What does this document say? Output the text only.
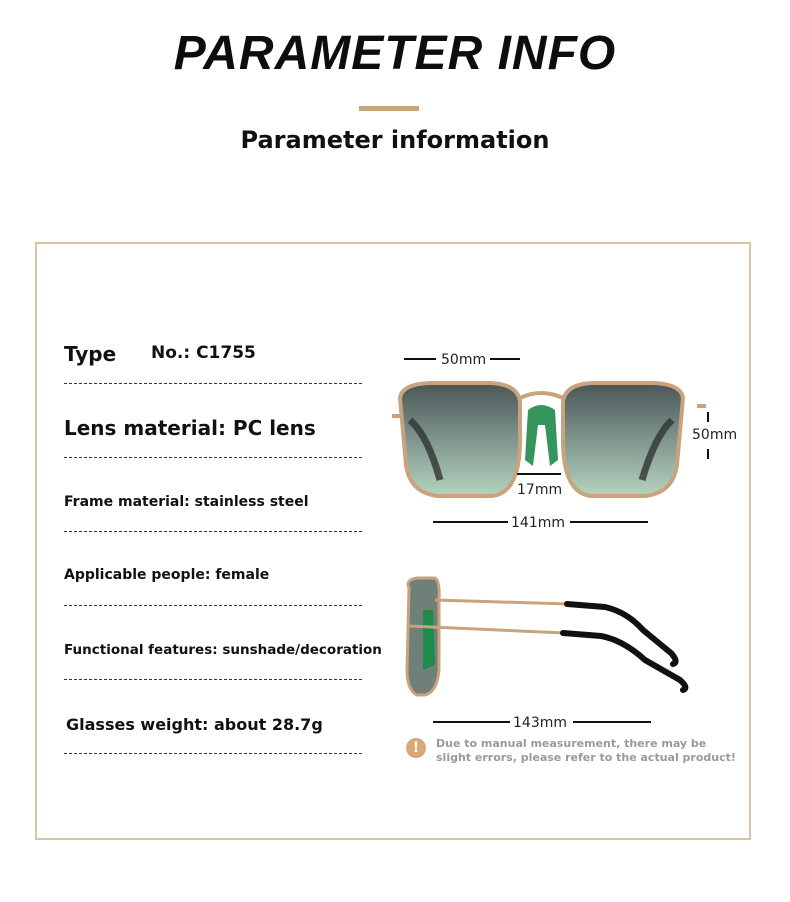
PARAMETER INFO
Parameter information
Type No.: C1755
Lens material: PC lens
Frame material: stainless steel
Applicable people: female
Functional features: sunshade/decoration
Glasses weight: about 28.7g
50mm
50mm
17mm
141mm
143mm
!	Due to manual measurement, there may be slight errors, please refer to the actual product!
